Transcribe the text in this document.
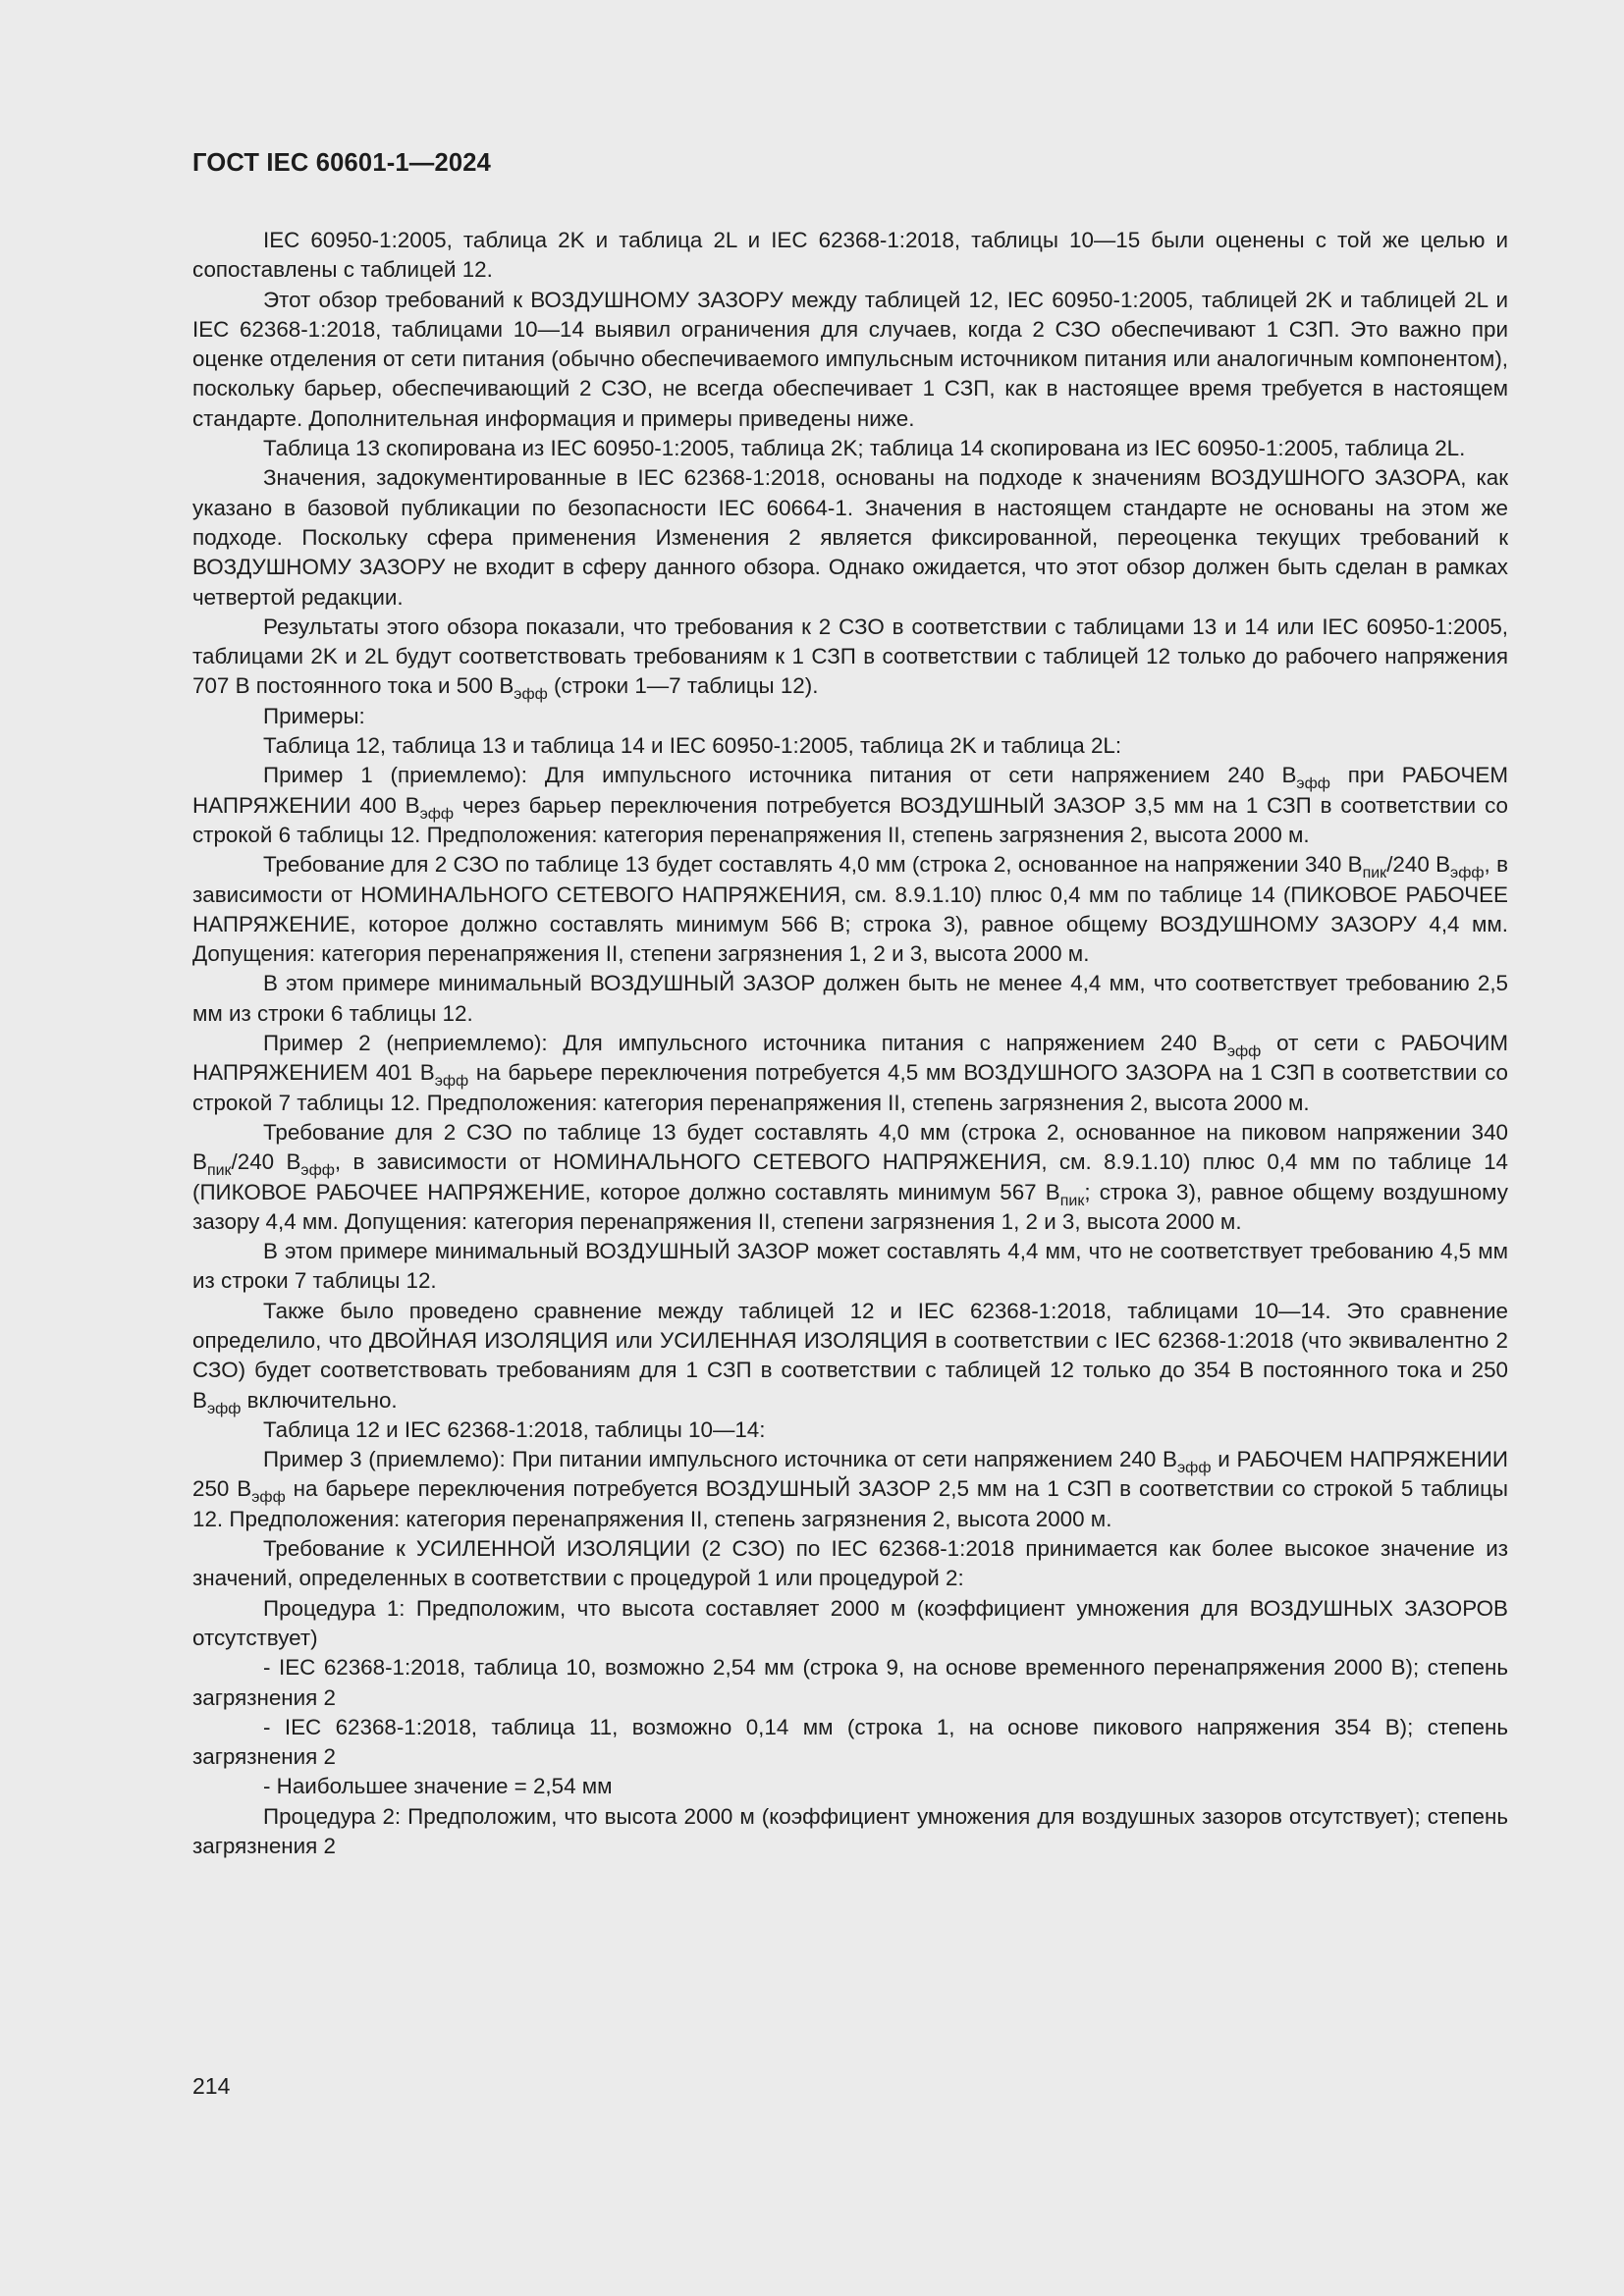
ГОСТ IEC 60601-1—2024

IEC 60950-1:2005, таблица 2K и таблица 2L и IEC 62368-1:2018, таблицы 10—15 были оценены с той же целью и сопоставлены с таблицей 12.

Этот обзор требований к ВОЗДУШНОМУ ЗАЗОРУ между таблицей 12, IEC 60950-1:2005, таблицей 2K и таблицей 2L и IEC 62368-1:2018, таблицами 10—14 выявил ограничения для случаев, когда 2 СЗО обеспечивают 1 СЗП. Это важно при оценке отделения от сети питания (обычно обеспечиваемого импульсным источником питания или аналогичным компонентом), поскольку барьер, обеспечивающий 2 СЗО, не всегда обеспечивает 1 СЗП, как в настоящее время требуется в настоящем стандарте. Дополнительная информация и примеры приведены ниже.

Таблица 13 скопирована из IEC 60950-1:2005, таблица 2K; таблица 14 скопирована из IEC 60950-1:2005, таблица 2L.

Значения, задокументированные в IEC 62368-1:2018, основаны на подходе к значениям ВОЗДУШНОГО ЗАЗОРА, как указано в базовой публикации по безопасности IEC 60664-1. Значения в настоящем стандарте не основаны на этом же подходе. Поскольку сфера применения Изменения 2 является фиксированной, переоценка текущих требований к ВОЗДУШНОМУ ЗАЗОРУ не входит в сферу данного обзора. Однако ожидается, что этот обзор должен быть сделан в рамках четвертой редакции.

Результаты этого обзора показали, что требования к 2 СЗО в соответствии с таблицами 13 и 14 или IEC 60950-1:2005, таблицами 2K и 2L будут соответствовать требованиям к 1 СЗП в соответствии с таблицей 12 только до рабочего напряжения 707 В постоянного тока и 500 $В_{эфф}$ (строки 1—7 таблицы 12).

Примеры:

Таблица 12, таблица 13 и таблица 14 и IEC 60950-1:2005, таблица 2K и таблица 2L:

Пример 1 (приемлемо): Для импульсного источника питания от сети напряжением 240 $В_{эфф}$ при РАБОЧЕМ НАПРЯЖЕНИИ 400 $В_{эфф}$ через барьер переключения потребуется ВОЗДУШНЫЙ ЗАЗОР 3,5 мм на 1 СЗП в соответствии со строкой 6 таблицы 12. Предположения: категория перенапряжения II, степень загрязнения 2, высота 2000 м.

Требование для 2 СЗО по таблице 13 будет составлять 4,0 мм (строка 2, основанное на напряжении 340 $В_{пик}/240$ $В_{эфф}$, в зависимости от НОМИНАЛЬНОГО СЕТЕВОГО НАПРЯЖЕНИЯ, см. 8.9.1.10) плюс 0,4 мм по таблице 14 (ПИКОВОЕ РАБОЧЕЕ НАПРЯЖЕНИЕ, которое должно составлять минимум 566 В; строка 3), равное общему ВОЗДУШНОМУ ЗАЗОРУ 4,4 мм. Допущения: категория перенапряжения II, степени загрязнения 1, 2 и 3, высота 2000 м.

В этом примере минимальный ВОЗДУШНЫЙ ЗАЗОР должен быть не менее 4,4 мм, что соответствует требованию 2,5 мм из строки 6 таблицы 12.

Пример 2 (неприемлемо): Для импульсного источника питания с напряжением 240 $В_{эфф}$ от сети с РАБОЧИМ НАПРЯЖЕНИЕМ 401 $В_{эфф}$ на барьере переключения потребуется 4,5 мм ВОЗДУШНОГО ЗАЗОРА на 1 СЗП в соответствии со строкой 7 таблицы 12. Предположения: категория перенапряжения II, степень загрязнения 2, высота 2000 м.

Требование для 2 СЗО по таблице 13 будет составлять 4,0 мм (строка 2, основанное на пиковом напряжении 340 $В_{пик}/240$ $В_{эфф}$, в зависимости от НОМИНАЛЬНОГО СЕТЕВОГО НАПРЯЖЕНИЯ, см. 8.9.1.10) плюс 0,4 мм по таблице 14 (ПИКОВОЕ РАБОЧЕЕ НАПРЯЖЕНИЕ, которое должно составлять минимум 567 $В_{пик}$; строка 3), равное общему воздушному зазору 4,4 мм. Допущения: категория перенапряжения II, степени загрязнения 1, 2 и 3, высота 2000 м.

В этом примере минимальный ВОЗДУШНЫЙ ЗАЗОР может составлять 4,4 мм, что не соответствует требованию 4,5 мм из строки 7 таблицы 12.

Также было проведено сравнение между таблицей 12 и IEC 62368-1:2018, таблицами 10—14. Это сравнение определило, что ДВОЙНАЯ ИЗОЛЯЦИЯ или УСИЛЕННАЯ ИЗОЛЯЦИЯ в соответствии с IEC 62368-1:2018 (что эквивалентно 2 СЗО) будет соответствовать требованиям для 1 СЗП в соответствии с таблицей 12 только до 354 В постоянного тока и 250 $В_{эфф}$ включительно.

Таблица 12 и IEC 62368-1:2018, таблицы 10—14:

Пример 3 (приемлемо): При питании импульсного источника от сети напряжением 240 $В_{эфф}$ и РАБОЧЕМ НАПРЯЖЕНИИ 250 $В_{эфф}$ на барьере переключения потребуется ВОЗДУШНЫЙ ЗАЗОР 2,5 мм на 1 СЗП в соответствии со строкой 5 таблицы 12. Предположения: категория перенапряжения II, степень загрязнения 2, высота 2000 м.

Требование к УСИЛЕННОЙ ИЗОЛЯЦИИ (2 СЗО) по IEC 62368-1:2018 принимается как более высокое значение из значений, определенных в соответствии с процедурой 1 или процедурой 2:

Процедура 1: Предположим, что высота составляет 2000 м (коэффициент умножения для ВОЗДУШНЫХ ЗАЗОРОВ отсутствует)

- IEC 62368-1:2018, таблица 10, возможно 2,54 мм (строка 9, на основе временного перенапряжения 2000 В); степень загрязнения 2

- IEC 62368-1:2018, таблица 11, возможно 0,14 мм (строка 1, на основе пикового напряжения 354 В); степень загрязнения 2

- Наибольшее значение = 2,54 мм

Процедура 2: Предположим, что высота 2000 м (коэффициент умножения для воздушных зазоров отсутствует); степень загрязнения 2

214
